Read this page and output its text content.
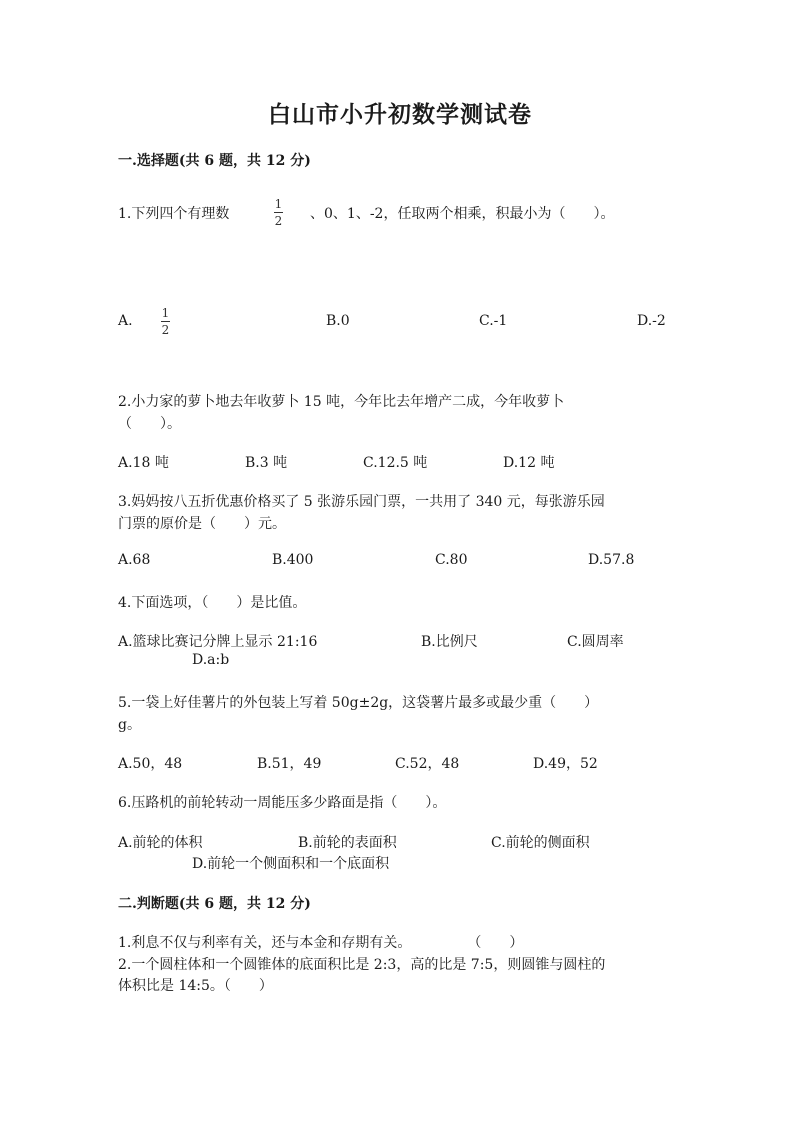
白山市小升初数学测试卷
一.选择题(共 6 题，共 12 分)
1.下列四个有理数
1
2 、0、1、-2，任取两个相乘，积最小为（　　）。
A. 1
2
B.0	C.-1	D.-2
2.小力家的萝卜地去年收萝卜 15 吨，今年比去年增产二成，今年收萝卜
（　　）。
A.18 吨	B.3 吨	C.12.5 吨	D.12 吨
3.妈妈按八五折优惠价格买了 5 张游乐园门票，一共用了 340 元，每张游乐园
门票的原价是（　　）元。
A.68	B.400	C.80	D.57.8
4.下面选项，（　　）是比值。
A.篮球比赛记分牌上显示 21:16	B.比例尺	C.圆周率
D.a:b
5.一袋上好佳薯片的外包装上写着 50g±2g，这袋薯片最多或最少重（　　）
g。
A.50，48	B.51，49	C.52，48	D.49，52
6.压路机的前轮转动一周能压多少路面是指（　　）。
A.前轮的体积	B.前轮的表面积	C.前轮的侧面积
D.前轮一个侧面积和一个底面积
二.判断题(共 6 题，共 12 分)
1.利息不仅与利率有关，还与本金和存期有关。　　　　　（　　）
2.一个圆柱体和一个圆锥体的底面积比是 2:3，高的比是 7:5，则圆锥与圆柱的
体积比是 14:5。（　　）
